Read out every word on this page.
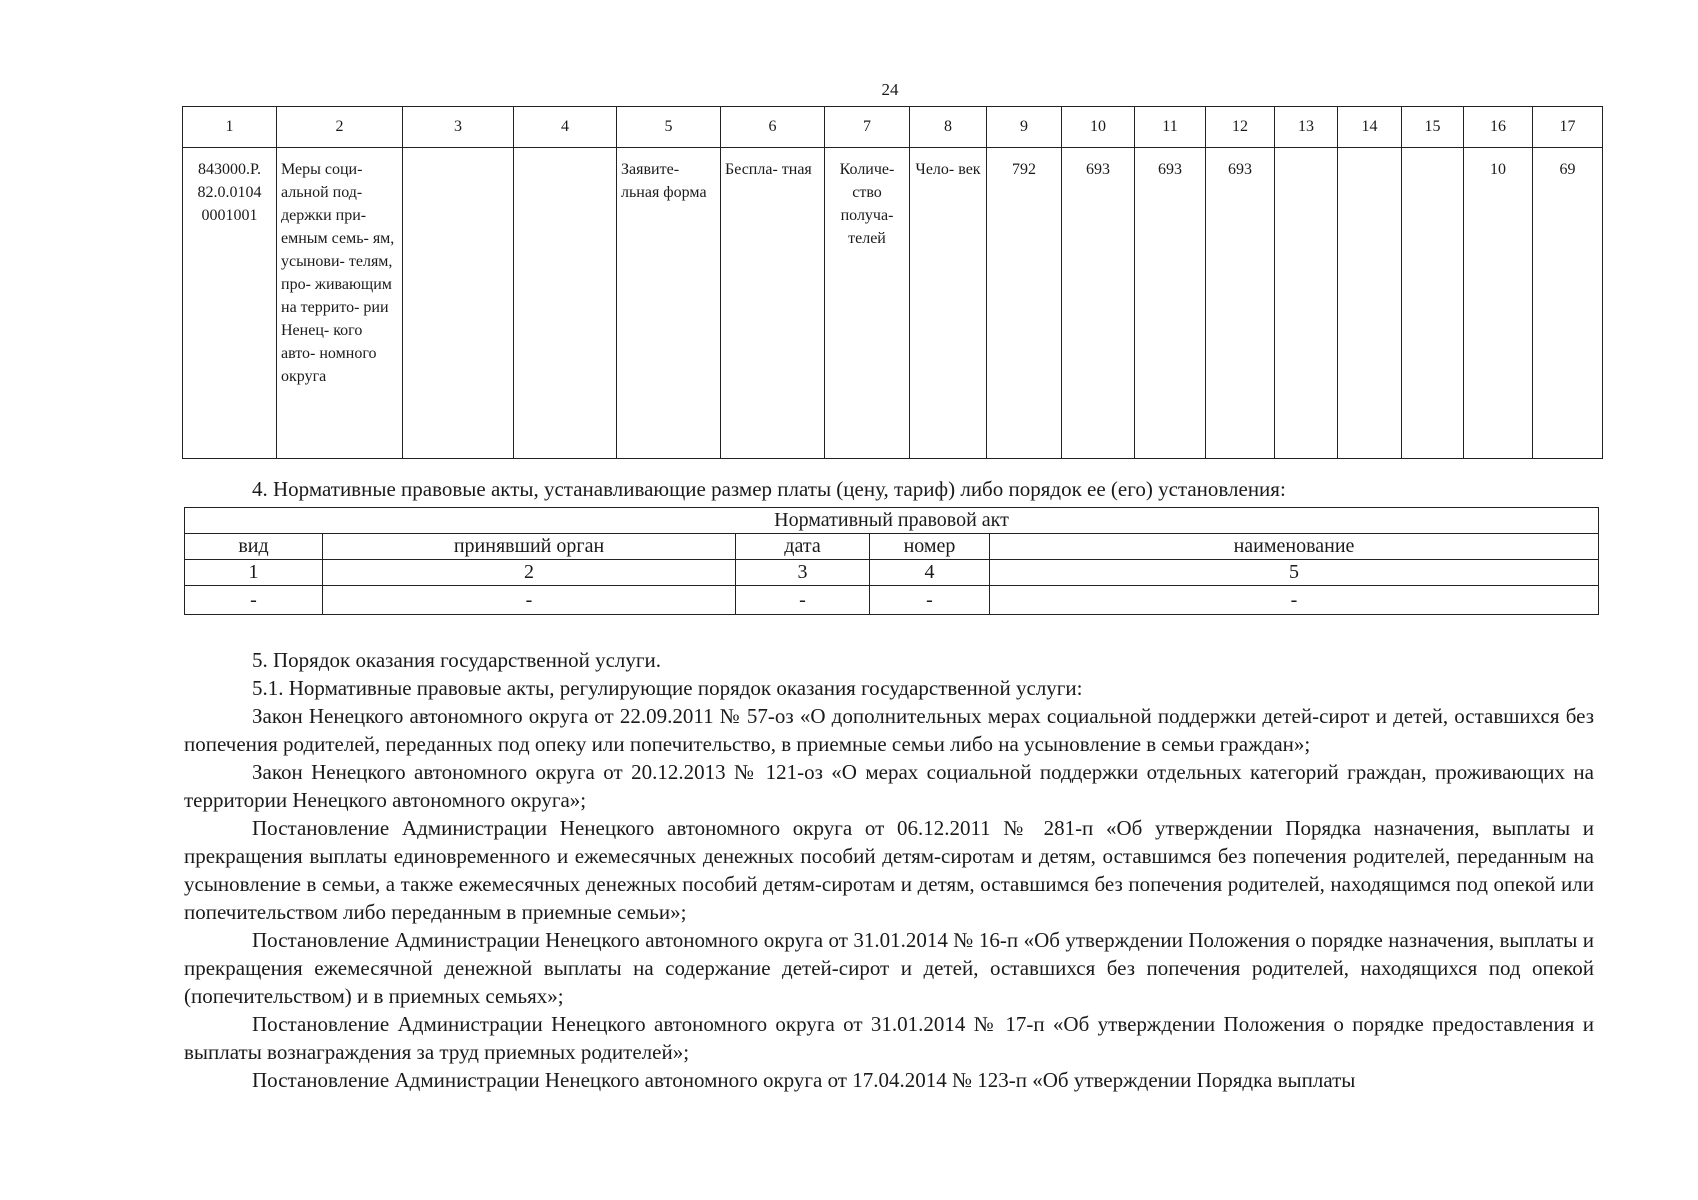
24
1	2	3	4	5	6	7	8	9	10	11	12	13	14	15	16	17
843000.Р. 82.0.0104 0001001	Меры соци- альной под- держки при- емным семь- ям, усынови- телям, про- живающим на террито- рии Ненец- кого авто- номного округа			Заявите- льная форма	Бесплa- тная	Количе- ство получа- телей	Чело- век	792	693	693	693				10	69
4. Нормативные правовые акты, устанавливающие размер платы (цену, тариф) либо порядок ее (его) установления:
Нормативный правовой акт				
вид	принявший орган	дата	номер	наименование
1	2	3	4	5
-	-	-	-	-

5. Порядок оказания государственной услуги.

5.1. Нормативные правовые акты, регулирующие порядок оказания государственной услуги:

Закон Ненецкого автономного округа от 22.09.2011 № 57-оз «О дополнительных мерах социальной поддержки детей-сирот и детей, оставшихся без попечения родителей, переданных под опеку или попечительство, в приемные семьи либо на усыновление в семьи граждан»;

Закон Ненецкого автономного округа от 20.12.2013 № 121-оз «О мерах социальной поддержки отдельных категорий граждан, проживающих на территории Ненецкого автономного округа»;

Постановление Администрации Ненецкого автономного округа от 06.12.2011 № 281-п «Об утверждении Порядка назначения, выплаты и прекращения выплаты единовременного и ежемесячных денежных пособий детям-сиротам и детям, оставшимся без попечения родителей, переданным на усыновление в семьи, а также ежемесячных денежных пособий детям-сиротам и детям, оставшимся без попечения родителей, находящимся под опекой или попечительством либо переданным в приемные семьи»;

Постановление Администрации Ненецкого автономного округа от 31.01.2014 № 16-п «Об утверждении Положения о порядке назначения, выплаты и прекращения ежемесячной денежной выплаты на содержание детей-сирот и детей, оставшихся без попечения родителей, находящихся под опекой (попечительством) и в приемных семьях»;

Постановление Администрации Ненецкого автономного округа от 31.01.2014 № 17-п «Об утверждении Положения о порядке предоставления и выплаты вознаграждения за труд приемных родителей»;

Постановление Администрации Ненецкого автономного округа от 17.04.2014 № 123-п «Об утверждении Порядка выплаты
